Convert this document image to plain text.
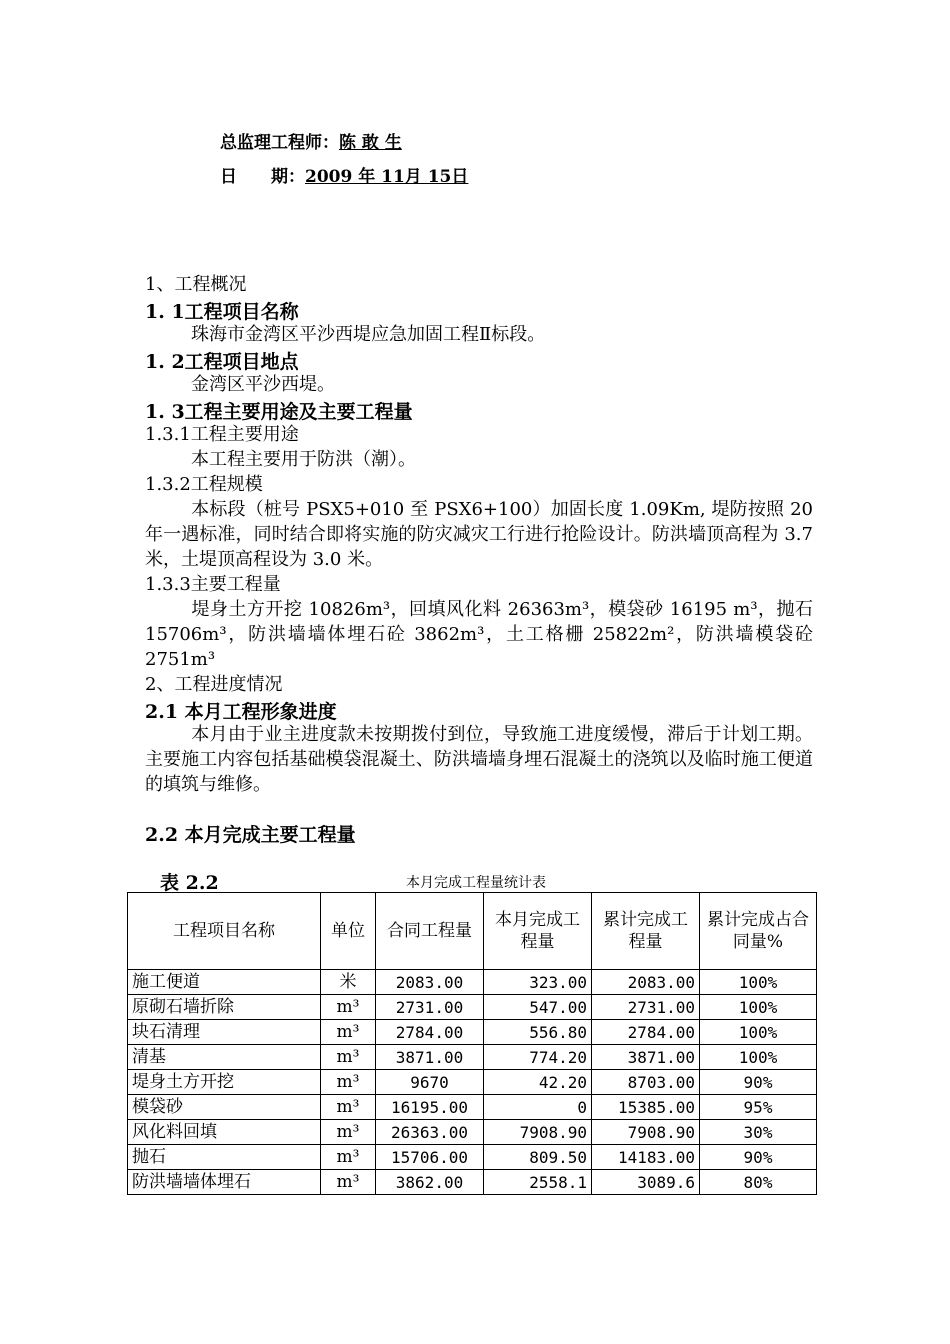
总监理工程师：陈 敢 生
日　　期：2009 年 11月 15日
1、工程概况
1. 1工程项目名称
珠海市金湾区平沙西堤应急加固工程Ⅱ标段。
1. 2工程项目地点
金湾区平沙西堤。
1. 3工程主要用途及主要工程量
1.3.1工程主要用途
本工程主要用于防洪（潮）。
1.3.2工程规模
本标段（桩号 PSX5+010 至 PSX6+100）加固长度 1.09Km, 堤防按照 20 年一遇标准，同时结合即将实施的防灾减灾工行进行抢险设计。防洪墙顶高程为 3.7 米，土堤顶高程设为 3.0 米。
1.3.3主要工程量
堤身土方开挖 10826m³，回填风化料 26363m³，模袋砂 16195 m³，抛石 15706m³，防洪墙墙体埋石砼 3862m³，土工格栅 25822m²，防洪墙模袋砼 2751m³
2、工程进度情况
2.1 本月工程形象进度
本月由于业主进度款未按期拨付到位，导致施工进度缓慢，滞后于计划工期。主要施工内容包括基础模袋混凝土、防洪墙墙身埋石混凝土的浇筑以及临时施工便道的填筑与维修。
2.2 本月完成主要工程量
表 2.2	本月完成工程量统计表
工程项目名称	单位	合同工程量	本月完成工程量	累计完成工程量	累计完成占合同量%
施工便道	米	2083.00	323.00	2083.00	100%
原砌石墙折除	m³	2731.00	547.00	2731.00	100%
块石清理	m³	2784.00	556.80	2784.00	100%
清基	m³	3871.00	774.20	3871.00	100%
堤身土方开挖	m³	9670	42.20	8703.00	90%
模袋砂	m³	16195.00	0	15385.00	95%
风化料回填	m³	26363.00	7908.90	7908.90	30%
抛石	m³	15706.00	809.50	14183.00	90%
防洪墙墙体埋石	m³	3862.00	2558.1	3089.6	80%
